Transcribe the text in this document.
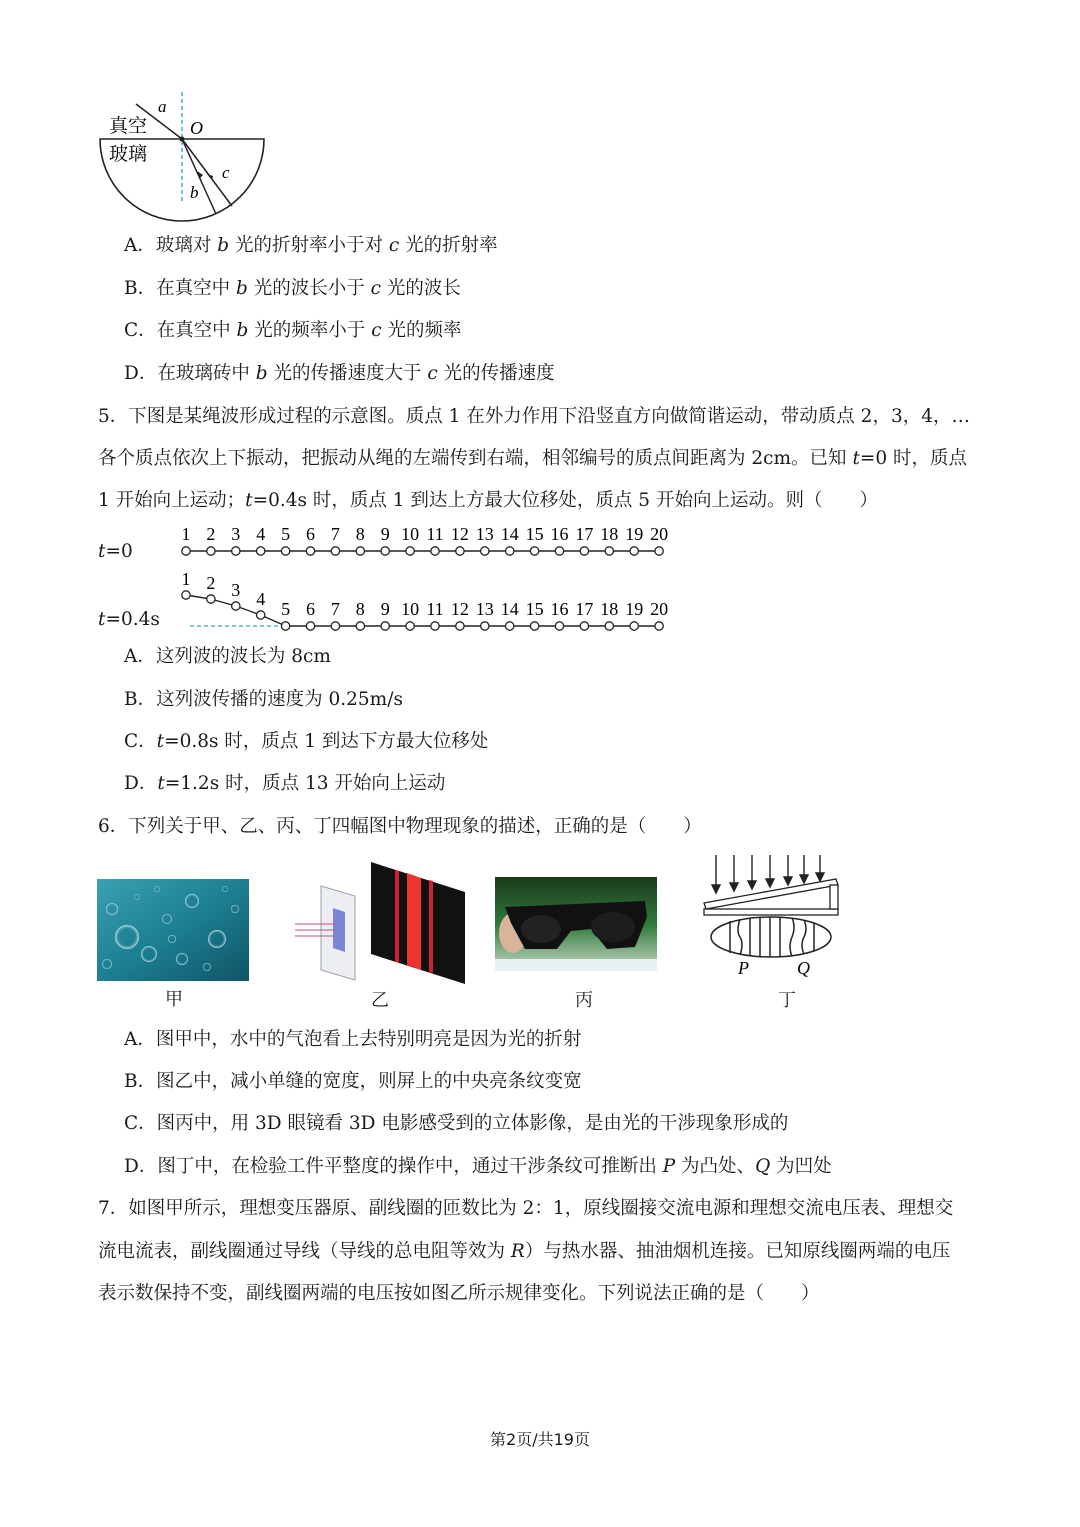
a
O
真空
玻璃
b
c
A．玻璃对 b 光的折射率小于对 c 光的折射率
B．在真空中 b 光的波长小于 c 光的波长
C．在真空中 b 光的频率小于 c 光的频率
D．在玻璃砖中 b 光的传播速度大于 c 光的传播速度
5．下图是某绳波形成过程的示意图。质点 1 在外力作用下沿竖直方向做简谐运动，带动质点 2，3，4，…
各个质点依次上下振动，把振动从绳的左端传到右端，相邻编号的质点间距离为 2cm。已知 t=0 时，质点
1 开始向上运动；t=0.4s 时，质点 1 到达上方最大位移处，质点 5 开始向上运动。则（　　）
t=0
t=0.4s
1 2 3 4 5 6 7 8 9 10 11 12 13 14 15 16 17 18 19 20
1 2 3 4 5 6 7 8 9 10 11 12 13 14 15 16 17 18 19 20
A．这列波的波长为 8cm
B．这列波传播的速度为 0.25m/s
C．t=0.8s 时，质点 1 到达下方最大位移处
D．t=1.2s 时，质点 13 开始向上运动
6．下列关于甲、乙、丙、丁四幅图中物理现象的描述，正确的是（　　）
P	Q
甲	乙	丙	丁
A．图甲中，水中的气泡看上去特别明亮是因为光的折射
B．图乙中，减小单缝的宽度，则屏上的中央亮条纹变宽
C．图丙中，用 3D 眼镜看 3D 电影感受到的立体影像，是由光的干涉现象形成的
D．图丁中，在检验工件平整度的操作中，通过干涉条纹可推断出 P 为凸处、Q 为凹处
7．如图甲所示，理想变压器原、副线圈的匝数比为 2：1，原线圈接交流电源和理想交流电压表、理想交
流电流表，副线圈通过导线（导线的总电阻等效为 R）与热水器、抽油烟机连接。已知原线圈两端的电压
表示数保持不变，副线圈两端的电压按如图乙所示规律变化。下列说法正确的是（　　）
第2页/共19页
